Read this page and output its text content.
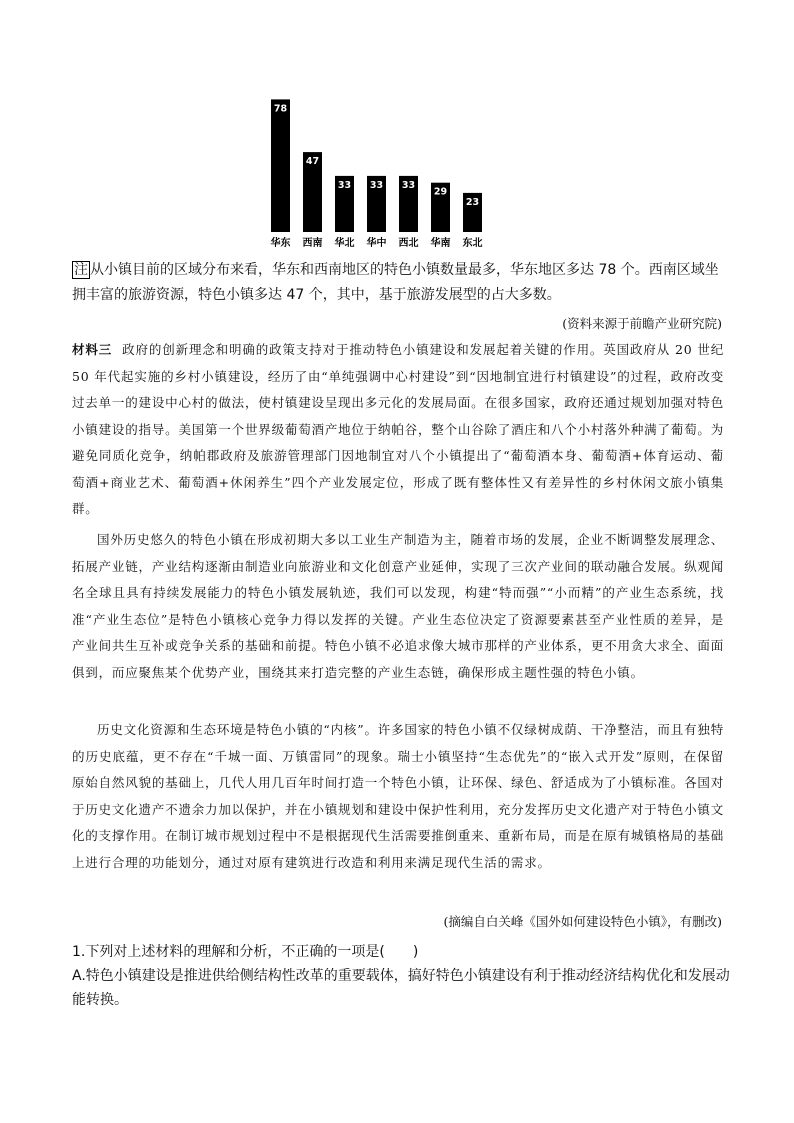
78
华东
47
西南
33
华北
33
华中
33
西北
29
华南
23
东北

注 从小镇目前的区域分布来看，华东和西南地区的特色小镇数量最多，华东地区多达 78 个。西南区域坐拥丰富的旅游资源，特色小镇多达 47 个，其中，基于旅游发展型的占大多数。

(资料来源于前瞻产业研究院)

材料三 政府的创新理念和明确的政策支持对于推动特色小镇建设和发展起着关键的作用。英国政府从 20 世纪 50 年代起实施的乡村小镇建设，经历了由“单纯强调中心村建设”到“因地制宜进行村镇建设”的过程，政府改变过去单一的建设中心村的做法，使村镇建设呈现出多元化的发展局面。在很多国家，政府还通过规划加强对特色小镇建设的指导。美国第一个世界级葡萄酒产地位于纳帕谷，整个山谷除了酒庄和八个小村落外种满了葡萄。为避免同质化竞争，纳帕郡政府及旅游管理部门因地制宜对八个小镇提出了“葡萄酒本身、葡萄酒+体育运动、葡萄酒+商业艺术、葡萄酒+休闲养生”四个产业发展定位，形成了既有整体性又有差异性的乡村休闲文旅小镇集群。

国外历史悠久的特色小镇在形成初期大多以工业生产制造为主，随着市场的发展，企业不断调整发展理念、拓展产业链，产业结构逐渐由制造业向旅游业和文化创意产业延伸，实现了三次产业间的联动融合发展。纵观闻名全球且具有持续发展能力的特色小镇发展轨迹，我们可以发现，构建“特而强”“小而精”的产业生态系统，找准“产业生态位”是特色小镇核心竞争力得以发挥的关键。产业生态位决定了资源要素甚至产业性质的差异，是产业间共生互补或竞争关系的基础和前提。特色小镇不必追求像大城市那样的产业体系，更不用贪大求全、面面俱到，而应聚焦某个优势产业，围绕其来打造完整的产业生态链，确保形成主题性强的特色小镇。

历史文化资源和生态环境是特色小镇的“内核”。许多国家的特色小镇不仅绿树成荫、干净整洁，而且有独特的历史底蕴，更不存在“千城一面、万镇雷同”的现象。瑞士小镇坚持“生态优先”的“嵌入式开发”原则，在保留原始自然风貌的基础上，几代人用几百年时间打造一个特色小镇，让环保、绿色、舒适成为了小镇标准。各国对于历史文化遗产不遗余力加以保护，并在小镇规划和建设中保护性利用，充分发挥历史文化遗产对于特色小镇文化的支撑作用。在制订城市规划过程中不是根据现代生活需要推倒重来、重新布局，而是在原有城镇格局的基础上进行合理的功能划分，通过对原有建筑进行改造和利用来满足现代生活的需求。

(摘编自白关峰《国外如何建设特色小镇》，有删改)

1.下列对上述材料的理解和分析，不正确的一项是(　　)

A.特色小镇建设是推进供给侧结构性改革的重要载体，搞好特色小镇建设有利于推动经济结构优化和发展动能转换。
